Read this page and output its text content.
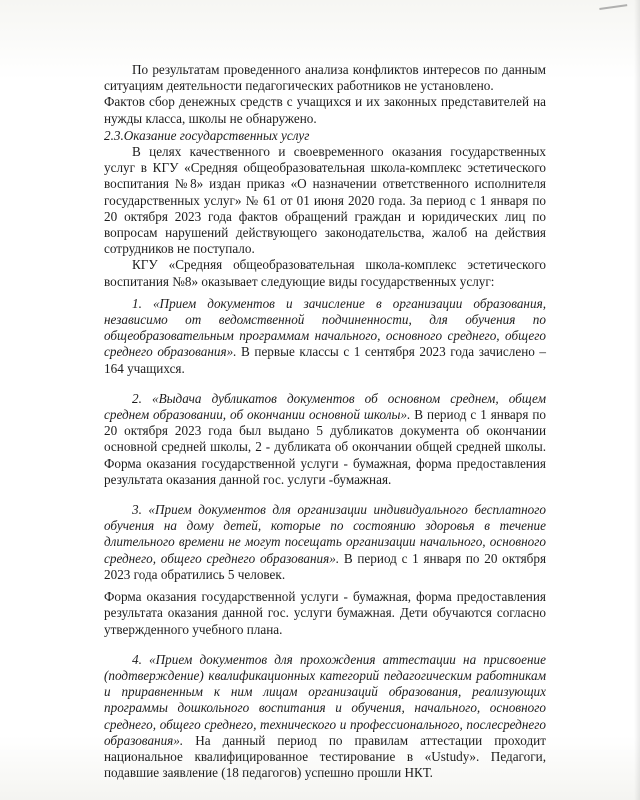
По результатам проведенного анализа конфликтов интересов по данным ситуациям деятельности педагогических работников не установлено.

Фактов сбор денежных средств с учащихся и их законных представителей на нужды класса, школы не обнаружено.

2.3.Оказание государственных услуг

В целях качественного и своевременного оказания государственных услуг в КГУ «Средняя общеобразовательная школа-комплекс эстетического воспитания №8» издан приказ «О назначении ответственного исполнителя государственных услуг» № 61 от 01 июня 2020 года. За период с 1 января по 20 октября 2023 года фактов обращений граждан и юридических лиц по вопросам нарушений действующего законодательства, жалоб на действия сотрудников не поступало.

КГУ «Средняя общеобразовательная школа-комплекс эстетического воспитания №8» оказывает следующие виды государственных услуг:

1. «Прием документов и зачисление в организации образования, независимо от ведомственной подчиненности, для обучения по общеобразовательным программам начального, основного среднего, общего среднего образования». В первые классы с 1 сентября 2023 года зачислено – 164 учащихся.

2. «Выдача дубликатов документов об основном среднем, общем среднем образовании, об окончании основной школы». В период с 1 января по 20 октября 2023 года был выдано 5 дубликатов документа об окончании основной средней школы, 2 - дубликата об окончании общей средней школы. Форма оказания государственной услуги - бумажная, форма предоставления результата оказания данной гос. услуги -бумажная.

3. «Прием документов для организации индивидуального бесплатного обучения на дому детей, которые по состоянию здоровья в течение длительного времени не могут посещать организации начального, основного среднего, общего среднего образования». В период с 1 января по 20 октября 2023 года обратились 5 человек.

Форма оказания государственной услуги - бумажная, форма предоставления результата оказания данной гос. услуги бумажная. Дети обучаются согласно утвержденного учебного плана.

4. «Прием документов для прохождения аттестации на присвоение (подтверждение) квалификационных категорий педагогическим работникам и приравненным к ним лицам организаций образования, реализующих программы дошкольного воспитания и обучения, начального, основного среднего, общего среднего, технического и профессионального, послесреднего образования». На данный период по правилам аттестации проходит национальное квалифицированное тестирование в «Ustudy». Педагоги, подавшие заявление (18 педагогов) успешно прошли НКТ.
